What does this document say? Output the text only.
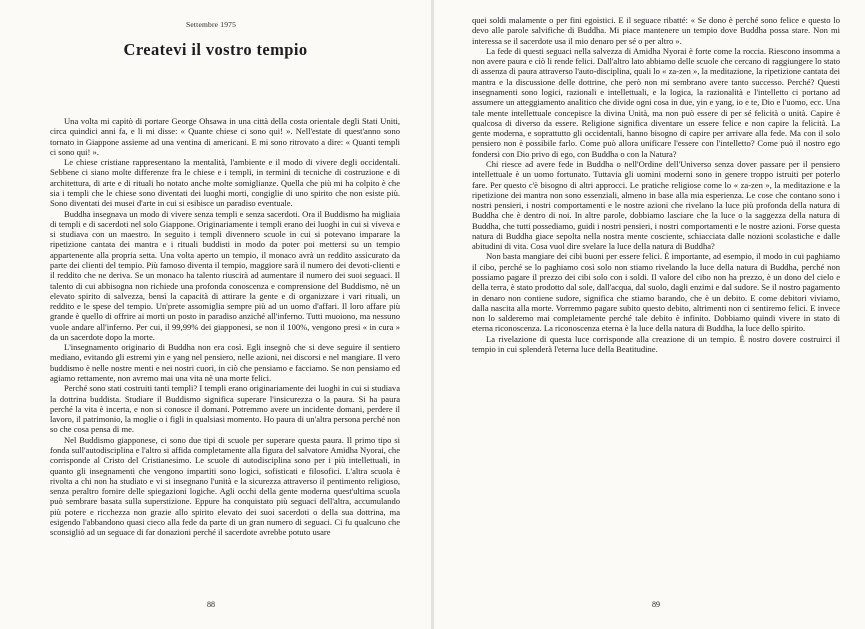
Settembre 1975
Createvi il vostro tempio

Una volta mi capitò di portare George Ohsawa in una città della costa orientale degli Stati Uniti, circa quindici anni fa, e li mi disse: « Quante chiese ci sono qui! ». Nell'estate di quest'anno sono tornato in Giappone assieme ad una ventina di americani. E mi sono ritrovato a dire: « Quanti templi ci sono qui! ».

Le chiese cristiane rappresentano la mentalità, l'ambiente e il modo di vivere degli occidentali. Sebbene ci siano molte differenze fra le chiese e i templi, in termini di tecniche di costruzione e di architettura, di arte e di rituali ho notato anche molte somiglianze. Quella che più mi ha colpito è che sia i templi che le chiese sono diventati dei luoghi morti, congiglie di uno spirito che non esiste più. Sono diventati dei musei d'arte in cui si esibisce un paradiso eventuale.

Buddha insegnava un modo di vivere senza templi e senza sacerdoti. Ora il Buddismo ha migliaia di templi e di sacerdoti nel solo Giappone. Originariamente i templi erano dei luoghi in cui si viveva e si studiava con un maestro. In seguito i templi divennero scuole in cui si potevano imparare la ripetizione cantata dei mantra e i rituali buddisti in modo da poter poi mettersi su un tempio appartenente alla propria setta. Una volta aperto un tempio, il monaco avrà un reddito assicurato da parte dei clienti del tempio. Più famoso diventa il tempio, maggiore sarà il numero dei devoti-clienti e il reddito che ne deriva. Se un monaco ha talento riuscirà ad aumentare il numero dei suoi seguaci. Il talento di cui abbisogna non richiede una profonda conoscenza e comprensione del Buddismo, nè un elevato spirito di salvezza, bensì la capacità di attirare la gente e di organizzare i vari rituali, un reddito e le spese del tempio. Un'prete assomiglia sempre più ad un uomo d'affari. Il loro affare più grande è quello di offrire ai morti un posto in paradiso anziché all'inferno. Tutti muoiono, ma nessuno vuole andare all'inferno. Per cui, il 99,99% dei giapponesi, se non il 100%, vengono presi « in cura » da un sacerdote dopo la morte.

L'insegnamento originario di Buddha non era così. Egli insegnò che si deve seguire il sentiero mediano, evitando gli estremi yin e yang nel pensiero, nelle azioni, nei discorsi e nel mangiare. Il vero buddismo è nelle nostre menti e nei nostri cuori, in ciò che pensiamo e facciamo. Se non pensiamo ed agiamo rettamente, non avremo mai una vita nè una morte felici.

Perché sono stati costruiti tanti templi? I templi erano originariamente dei luoghi in cui si studiava la dottrina buddista. Studiare il Buddismo significa superare l'insicurezza o la paura. Si ha paura perché la vita è incerta, e non si conosce il domani. Potremmo avere un incidente domani, perdere il lavoro, il patrimonio, la moglie o i figli in qualsiasi momento. Ho paura di un'altra persona perché non so che cosa pensa di me.

Nel Buddismo giapponese, ci sono due tipi di scuole per superare questa paura. Il primo tipo si fonda sull'autodisciplina e l'altro si affida completamente alla figura del salvatore Amidha Nyorai, che corrisponde al Cristo del Cristianesimo. Le scuole di autodisciplina sono per i più intellettuali, in quanto gli insegnamenti che vengono impartiti sono logici, sofisticati e filosofici. L'altra scuola è rivolta a chi non ha studiato e vi si insegnano l'unità e la sicurezza attraverso il pentimento religioso, senza peraltro fornire delle spiegazioni logiche. Agli occhi della gente moderna quest'ultima scuola può sembrare basata sulla superstizione. Eppure ha conquistato più seguaci dell'altra, accumulando più potere e ricchezza non grazie allo spirito elevato dei suoi sacerdoti o della sua dottrina, ma esigendo l'abbandono quasi cieco alla fede da parte di un gran numero di seguaci. Ci fu qualcuno che sconsigliò ad un seguace di far donazioni perché il sacerdote avrebbe potuto usare

88

quei soldi malamente o per fini egoistici. E il seguace ribatté: « Se dono è perché sono felice e questo lo devo alle parole salvifiche di Buddha. Mi piace mantenere un tempio dove Buddha possa stare. Non mi interessa se il sacerdote usa il mio denaro per sé o per altro ».

La fede di questi seguaci nella salvezza di Amidha Nyorai è forte come la roccia. Riescono insomma a non avere paura e ciò li rende felici. Dall'altro lato abbiamo delle scuole che cercano di raggiungere lo stato di assenza di paura attraverso l'auto-disciplina, quali lo « za-zen », la meditazione, la ripetizione cantata dei mantra e la discussione delle dottrine, che però non mi sembrano avere tanto successo. Perché? Questi insegnamenti sono logici, razionali e intellettuali, e la logica, la razionalità e l'intelletto ci portano ad assumere un atteggiamento analitico che divide ogni cosa in due, yin e yang, io e te, Dio e l'uomo, ecc. Una tale mente intellettuale concepisce la divina Unità, ma non può essere di per sé felicità o unità. Capire è qualcosa di diverso da essere. Religione significa diventare un essere felice e non capire la felicità. La gente moderna, e soprattutto gli occidentali, hanno bisogno di capire per arrivare alla fede. Ma con il solo pensiero non è possibile farlo. Come può allora unificare l'essere con l'intelletto? Come può il nostro ego fondersi con Dio privo di ego, con Buddha o con la Natura?

Chi riesce ad avere fede in Buddha o nell'Ordine dell'Universo senza dover passare per il pensiero intellettuale è un uomo fortunato. Tuttavia gli uomini moderni sono in genere troppo istruiti per poterlo fare. Per questo c'è bisogno di altri approcci. Le pratiche religiose come lo « za-zen », la meditazione e la ripetizione dei mantra non sono essenziali, almeno in base alla mia esperienza. Le cose che contano sono i nostri pensieri, i nostri comportamenti e le nostre azioni che rivelano la luce più profonda della natura di Buddha che è dentro di noi. In altre parole, dobbiamo lasciare che la luce o la saggezza della natura di Buddha, che tutti possediamo, guidi i nostri pensieri, i nostri comportamenti e le nostre azioni. Forse questa natura di Buddha giace sepolta nella nostra mente cosciente, schiacciata dalle nozioni scolastiche e dalle abitudini di vita. Cosa vuol dire svelare la luce della natura di Buddha?

Non basta mangiare dei cibi buoni per essere felici. È importante, ad esempio, il modo in cui paghiamo il cibo, perché se lo paghiamo così solo non stiamo rivelando la luce della natura di Buddha, perché non possiamo pagare il prezzo dei cibi solo con i soldi. Il valore del cibo non ha prezzo, è un dono del cielo e della terra, è stato prodotto dal sole, dall'acqua, dal suolo, dagli enzimi e dal sudore. Se il nostro pagamento in denaro non contiene sudore, significa che stiamo barando, che è un debito. E come debitori viviamo, dalla nascita alla morte. Vorremmo pagare subito questo debito, altrimenti non ci sentiremo felici. E invece non lo salderemo mai completamente perché tale debito è infinito. Dobbiamo quindi vivere in stato di eterna riconoscenza. La riconoscenza eterna è la luce della natura di Buddha, la luce dello spirito.

La rivelazione di questa luce corrisponde alla creazione di un tempio. È nostro dovere costruirci il tempio in cui splenderà l'eterna luce della Beatitudine.

89
